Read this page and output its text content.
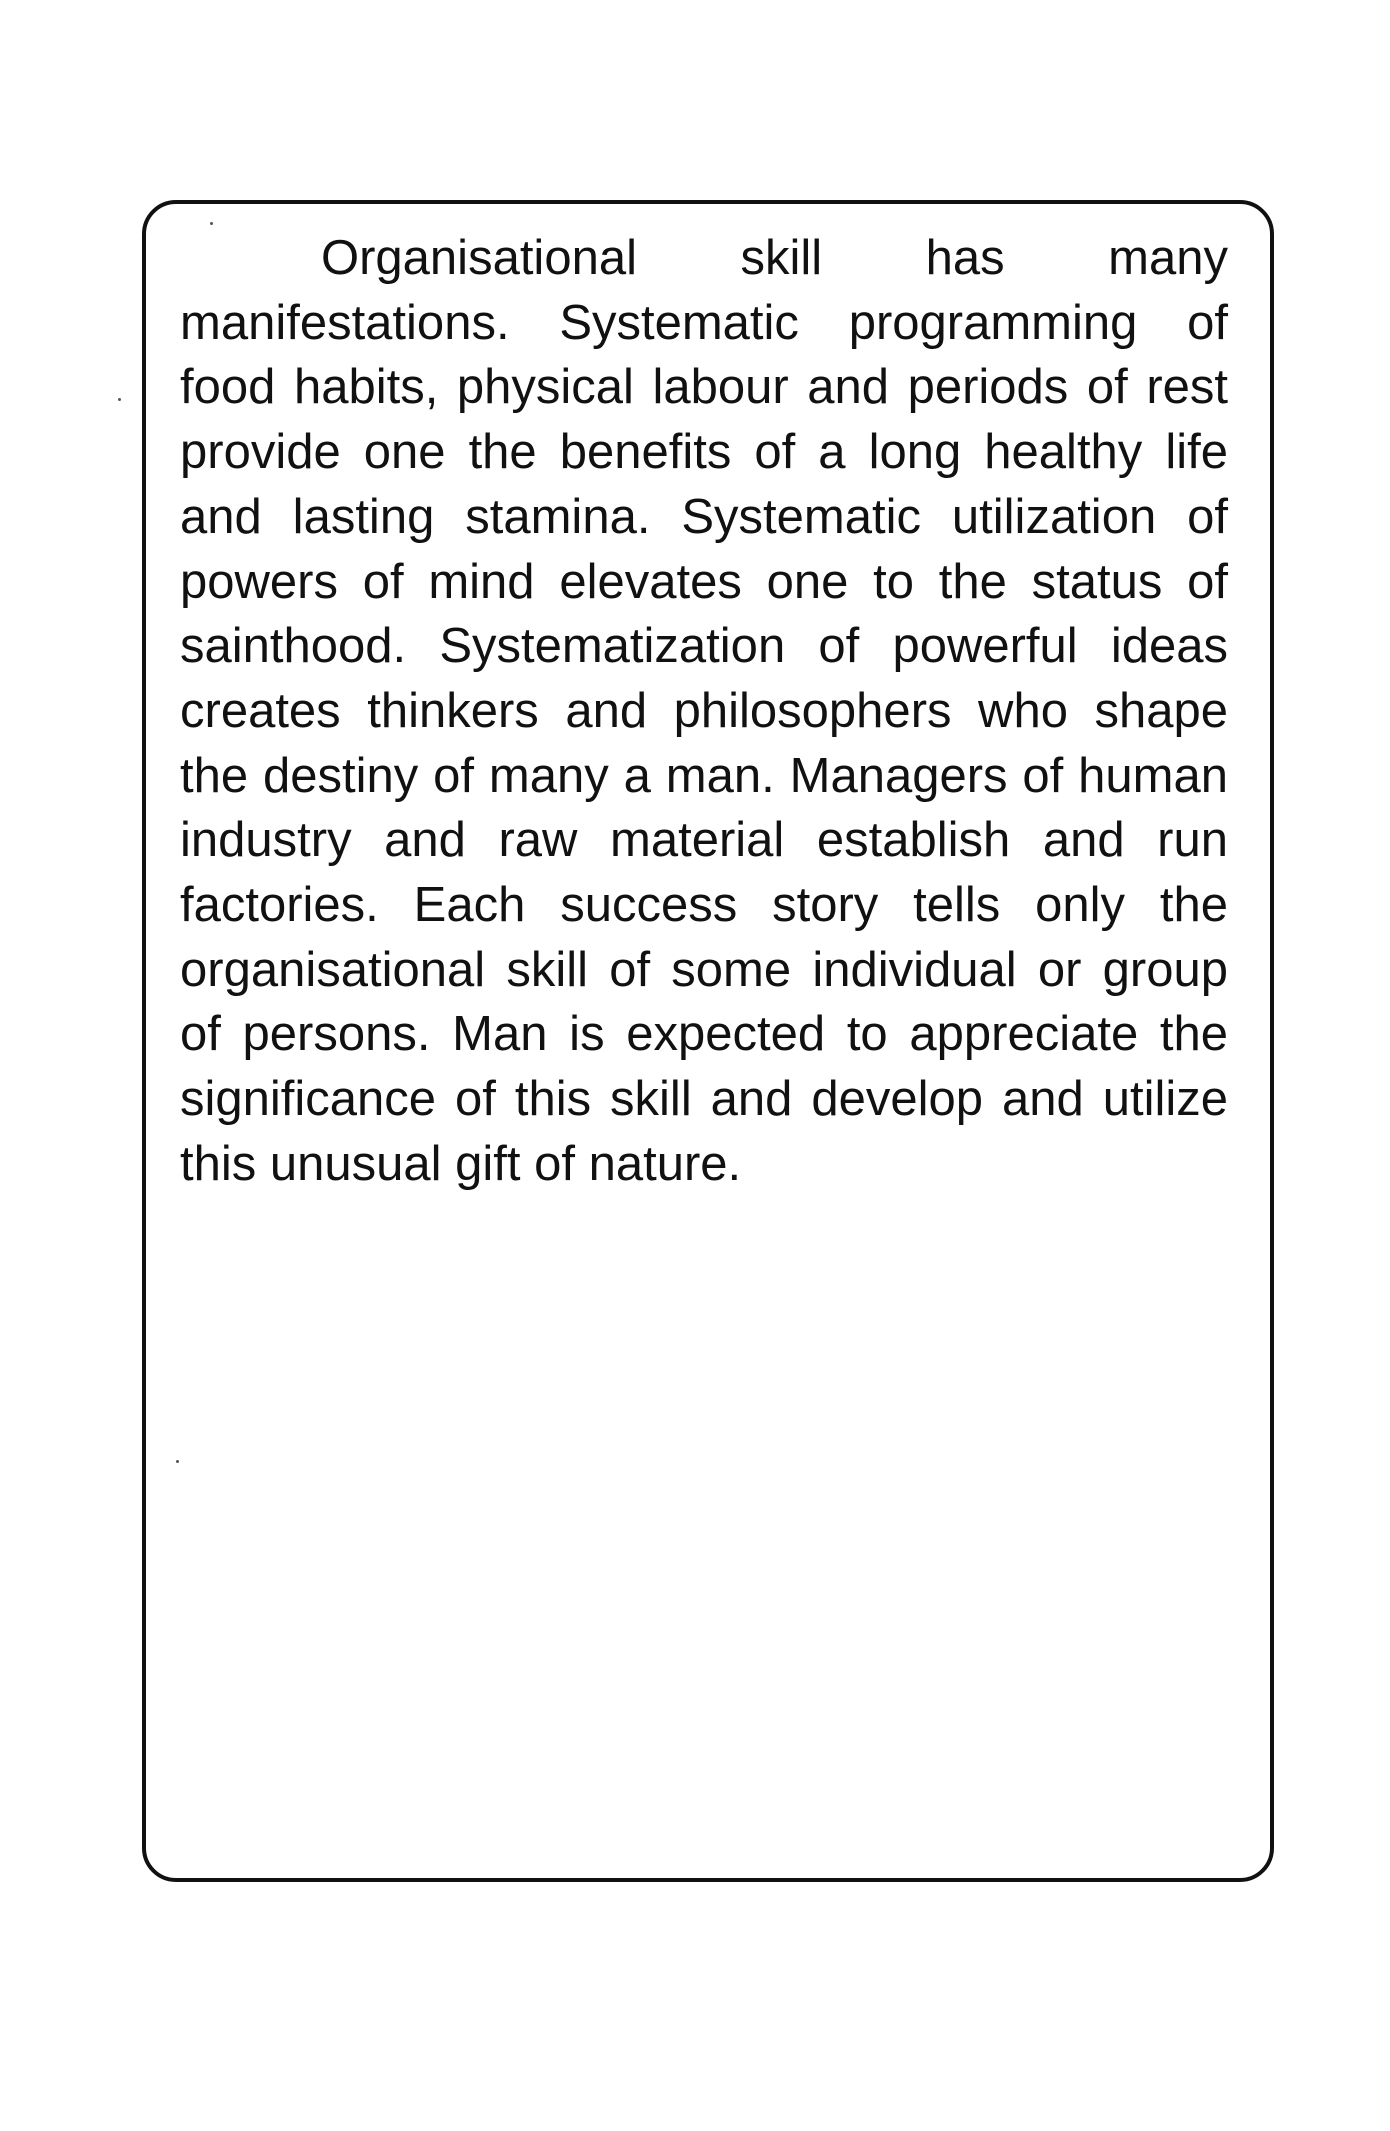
Organisational skill has many manifestations. Systematic programming of food habits, physical labour and periods of rest provide one the benefits of a long healthy life and lasting stamina. Systematic utilization of powers of mind elevates one to the status of sainthood. Systematization of powerful ideas creates thinkers and philosophers who shape the destiny of many a man. Managers of human industry and raw material establish and run factories. Each success story tells only the organisational skill of some individual or group of persons. Man is expected to appreciate the significance of this skill and develop and utilize this unusual gift of nature.
